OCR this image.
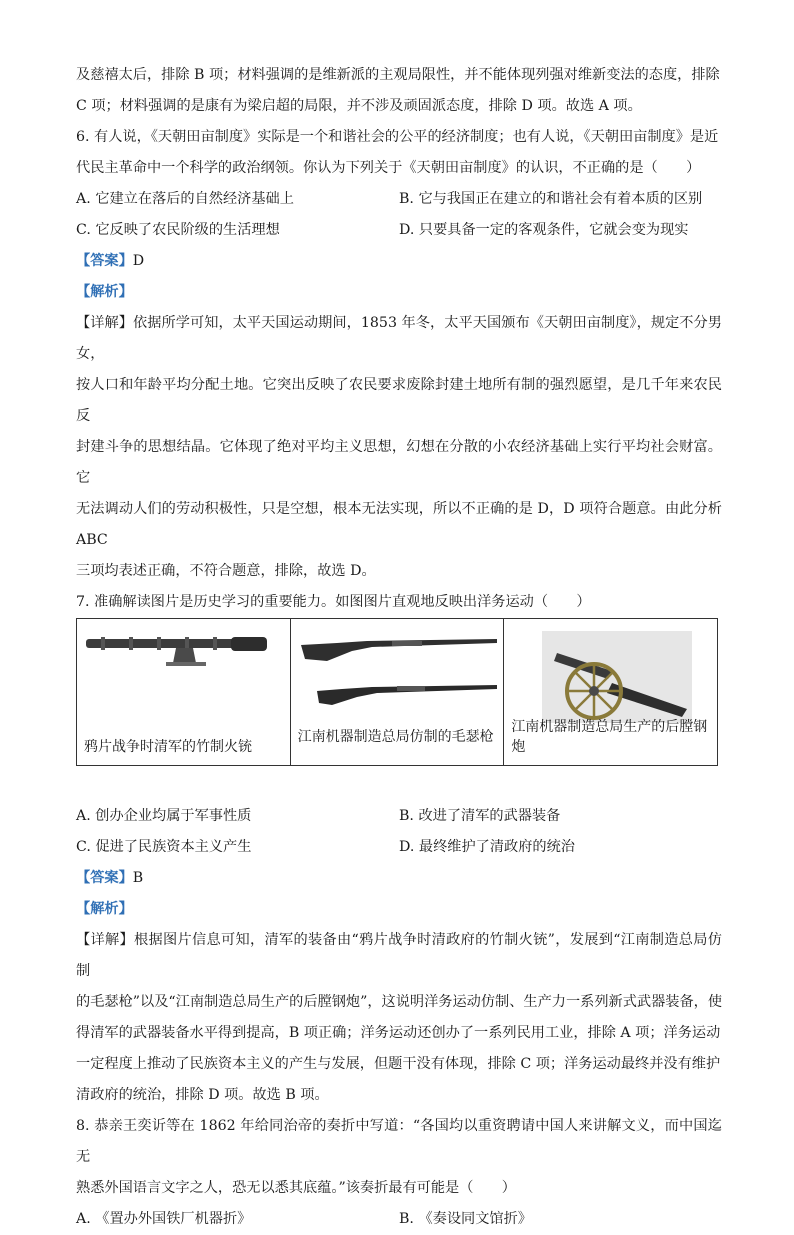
及慈禧太后，排除 B 项；材料强调的是维新派的主观局限性，并不能体现列强对维新变法的态度，排除

C 项；材料强调的是康有为梁启超的局限，并不涉及顽固派态度，排除 D 项。故选 A 项。

6. 有人说，《天朝田亩制度》实际是一个和谐社会的公平的经济制度；也有人说，《天朝田亩制度》是近

代民主革命中一个科学的政治纲领。你认为下列关于《天朝田亩制度》的认识，不正确的是（　　）

A. 它建立在落后的自然经济基础上	B. 它与我国正在建立的和谐社会有着本质的区别
C. 它反映了农民阶级的生活理想	D. 只要具备一定的客观条件，它就会变为现实

【答案】D

【解析】

【详解】依据所学可知，太平天国运动期间，1853 年冬，太平天国颁布《天朝田亩制度》，规定不分男女，

按人口和年龄平均分配土地。它突出反映了农民要求废除封建土地所有制的强烈愿望，是几千年来农民反

封建斗争的思想结晶。它体现了绝对平均主义思想，幻想在分散的小农经济基础上实行平均社会财富。它

无法调动人们的劳动积极性，只是空想，根本无法实现，所以不正确的是 D，D 项符合题意。由此分析 ABC

三项均表述正确，不符合题意，排除，故选 D。

7. 准确解读图片是历史学习的重要能力。如图图片直观地反映出洋务运动（　　）

鸦片战争时清军的竹制火铳

江南机器制造总局仿制的毛瑟枪

江南机器制造总局生产的后膛钢炮
A. 创办企业均属于军事性质	B. 改进了清军的武器装备
C. 促进了民族资本主义产生	D. 最终维护了清政府的统治

【答案】B

【解析】

【详解】根据图片信息可知，清军的装备由“鸦片战争时清政府的竹制火铳”，发展到“江南制造总局仿制

的毛瑟枪”以及“江南制造总局生产的后膛钢炮”，这说明洋务运动仿制、生产力一系列新式武器装备，使

得清军的武器装备水平得到提高，B 项正确；洋务运动还创办了一系列民用工业，排除 A 项；洋务运动

一定程度上推动了民族资本主义的产生与发展，但题干没有体现，排除 C 项；洋务运动最终并没有维护

清政府的统治，排除 D 项。故选 B 项。

8. 恭亲王奕䜣等在 1862 年给同治帝的奏折中写道：“各国均以重资聘请中国人来讲解文义，而中国迄无

熟悉外国语言文字之人，恐无以悉其底蕴。”该奏折最有可能是（　　）

A. 《置办外国铁厂机器折》	B. 《奏设同文馆折》
